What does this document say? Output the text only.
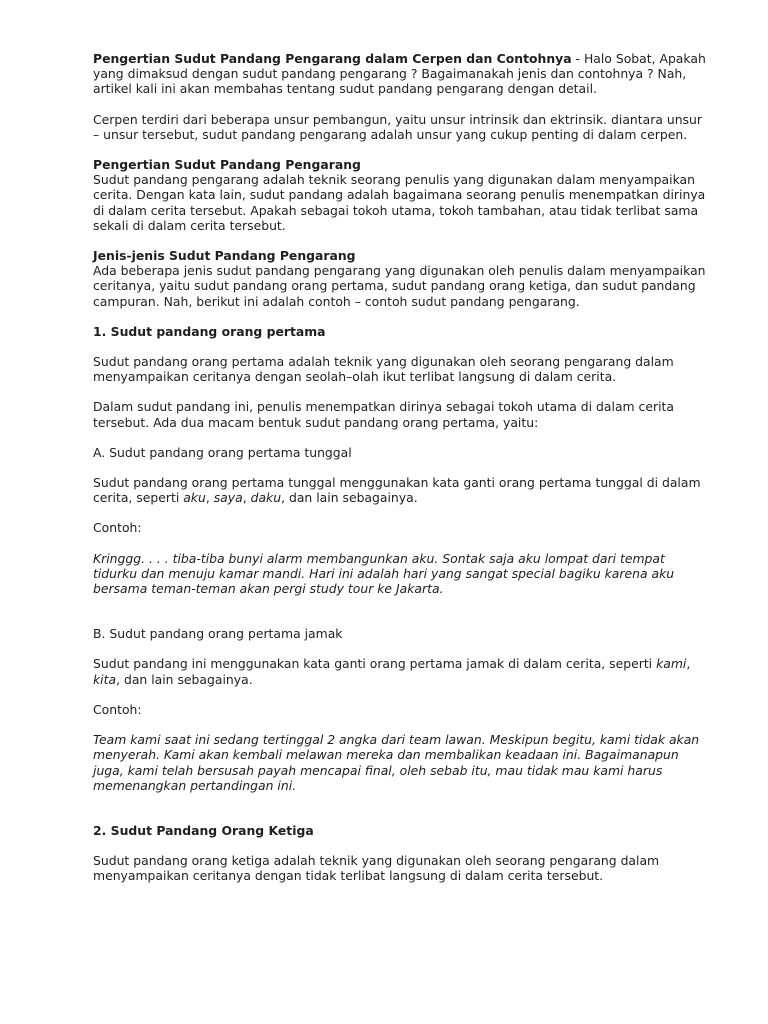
Pengertian Sudut Pandang Pengarang dalam Cerpen dan Contohnya - Halo Sobat, Apakah yang dimaksud dengan sudut pandang pengarang ? Bagaimanakah jenis dan contohnya ? Nah, artikel kali ini akan membahas tentang sudut pandang pengarang dengan detail.

Cerpen terdiri dari beberapa unsur pembangun, yaitu unsur intrinsik dan ektrinsik. diantara unsur – unsur tersebut, sudut pandang pengarang adalah unsur yang cukup penting di dalam cerpen.

Pengertian Sudut Pandang Pengarang

Sudut pandang pengarang adalah teknik seorang penulis yang digunakan dalam menyampaikan cerita. Dengan kata lain, sudut pandang adalah bagaimana seorang penulis menempatkan dirinya di dalam cerita tersebut. Apakah sebagai tokoh utama, tokoh tambahan, atau tidak terlibat sama sekali di dalam cerita tersebut.

Jenis-jenis Sudut Pandang Pengarang

Ada beberapa jenis sudut pandang pengarang yang digunakan oleh penulis dalam menyampaikan ceritanya, yaitu sudut pandang orang pertama, sudut pandang orang ketiga, dan sudut pandang campuran. Nah, berikut ini adalah contoh – contoh sudut pandang pengarang.

1. Sudut pandang orang pertama

Sudut pandang orang pertama adalah teknik yang digunakan oleh seorang pengarang dalam menyampaikan ceritanya dengan seolah–olah ikut terlibat langsung di dalam cerita.

Dalam sudut pandang ini, penulis menempatkan dirinya sebagai tokoh utama di dalam cerita tersebut. Ada dua macam bentuk sudut pandang orang pertama, yaitu:

A. Sudut pandang orang pertama tunggal

Sudut pandang orang pertama tunggal menggunakan kata ganti orang pertama tunggal di dalam cerita, seperti aku, saya, daku, dan lain sebagainya.

Contoh:

Kringgg. . . . tiba-tiba bunyi alarm membangunkan aku. Sontak saja aku lompat dari tempat tidurku dan menuju kamar mandi. Hari ini adalah hari yang sangat special bagiku karena aku bersama teman-teman akan pergi study tour ke Jakarta.

B. Sudut pandang orang pertama jamak

Sudut pandang ini menggunakan kata ganti orang pertama jamak di dalam cerita, seperti kami, kita, dan lain sebagainya.

Contoh:

Team kami saat ini sedang tertinggal 2 angka dari team lawan. Meskipun begitu, kami tidak akan menyerah. Kami akan kembali melawan mereka dan membalikan keadaan ini. Bagaimanapun juga, kami telah bersusah payah mencapai final, oleh sebab itu, mau tidak mau kami harus memenangkan pertandingan ini.

2. Sudut Pandang Orang Ketiga

Sudut pandang orang ketiga adalah teknik yang digunakan oleh seorang pengarang dalam menyampaikan ceritanya dengan tidak terlibat langsung di dalam cerita tersebut.
